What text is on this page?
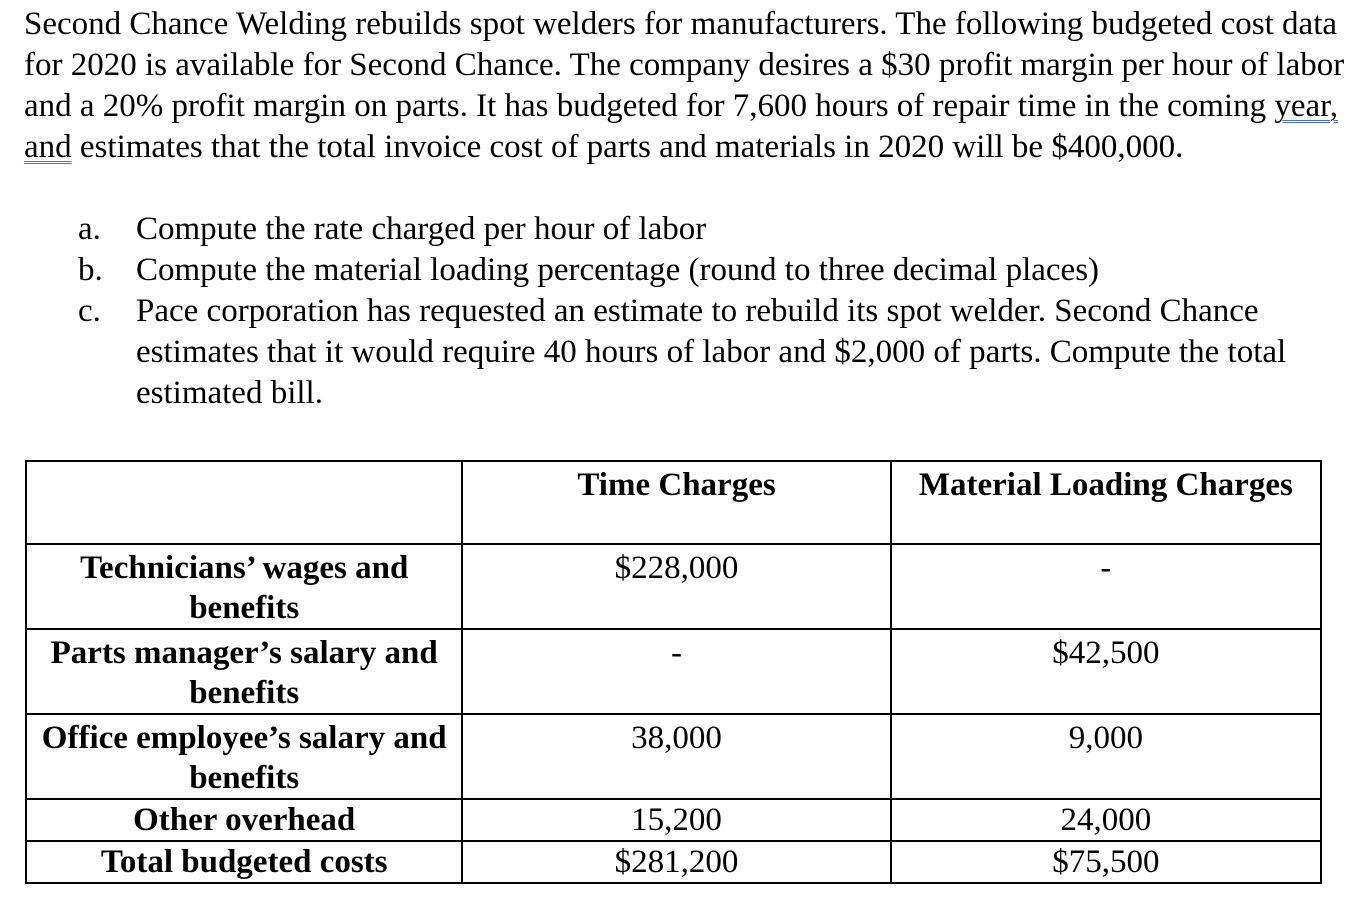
Second Chance Welding rebuilds spot welders for manufacturers. The following budgeted cost data for 2020 is available for Second Chance. The company desires a $30 profit margin per hour of labor and a 20% profit margin on parts. It has budgeted for 7,600 hours of repair time in the coming year, and estimates that the total invoice cost of parts and materials in 2020 will be $400,000.

a. Compute the rate charged per hour of labor
b. Compute the material loading percentage (round to three decimal places)
c. Pace corporation has requested an estimate to rebuild its spot welder. Second Chance estimates that it would require 40 hours of labor and $2,000 of parts. Compute the total estimated bill.
	Time Charges	Material Loading Charges
Technicians’ wages and benefits	$228,000	-
Parts manager’s salary and benefits	-	$42,500
Office employee’s salary and benefits	38,000	9,000
Other overhead	15,200	24,000
Total budgeted costs	$281,200	$75,500
